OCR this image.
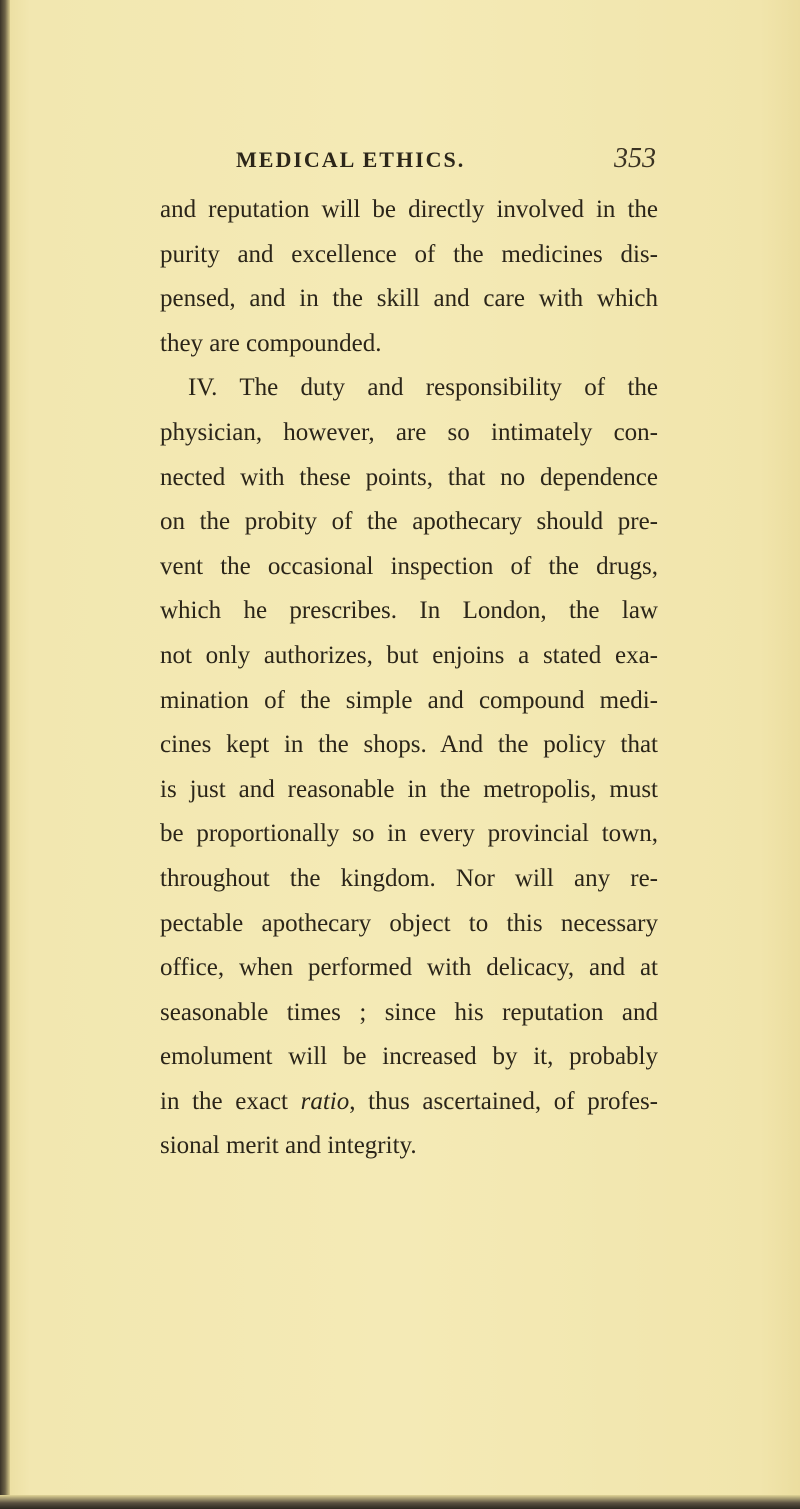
MEDICAL ETHICS.	353

and reputation will be directly involved in the
purity and excellence of the medicines dis-
pensed, and in the skill and care with which
they are compounded.

IV. The duty and responsibility of the
physician, however, are so intimately con-
nected with these points, that no dependence
on the probity of the apothecary should pre-
vent the occasional inspection of the drugs,
which he prescribes. In London, the law
not only authorizes, but enjoins a stated exa-
mination of the simple and compound medi-
cines kept in the shops. And the policy that
is just and reasonable in the metropolis, must
be proportionally so in every provincial town,
throughout the kingdom. Nor will any re-
pectable apothecary object to this necessary
office, when performed with delicacy, and at
seasonable times ; since his reputation and
emolument will be increased by it, probably
in the exact ratio, thus ascertained, of profes-
sional merit and integrity.
